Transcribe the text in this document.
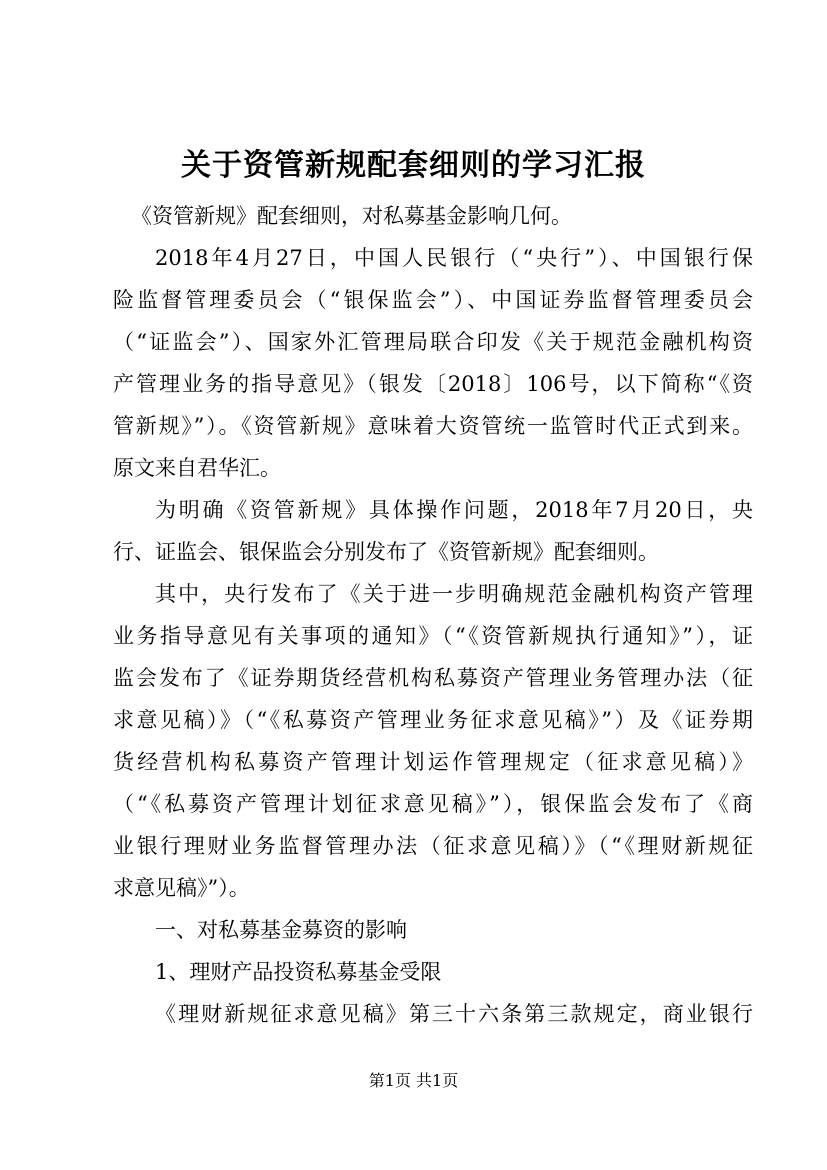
关于资管新规配套细则的学习汇报
《资管新规》配套细则，对私募基金影响几何。
2018年4月27日，中国人民银行（“央行”）、中国银行保
险监督管理委员会（“银保监会”）、中国证券监督管理委员会
（“证监会”）、国家外汇管理局联合印发《关于规范金融机构资
产管理业务的指导意见》（银发〔2018〕106号，以下简称“《资
管新规》”）。《资管新规》意味着大资管统一监管时代正式到来。
原文来自君华汇。
为明确《资管新规》具体操作问题，2018年7月20日，央
行、证监会、银保监会分别发布了《资管新规》配套细则。
其中，央行发布了《关于进一步明确规范金融机构资产管理
业务指导意见有关事项的通知》（“《资管新规执行通知》”），证
监会发布了《证券期货经营机构私募资产管理业务管理办法（征
求意见稿）》（“《私募资产管理业务征求意见稿》”）及《证券期
货经营机构私募资产管理计划运作管理规定（征求意见稿）》
（“《私募资产管理计划征求意见稿》”），银保监会发布了《商
业银行理财业务监督管理办法（征求意见稿）》（“《理财新规征
求意见稿》”）。
一、对私募基金募资的影响
1、理财产品投资私募基金受限
《理财新规征求意见稿》第三十六条第三款规定，商业银行
第1页 共1页
